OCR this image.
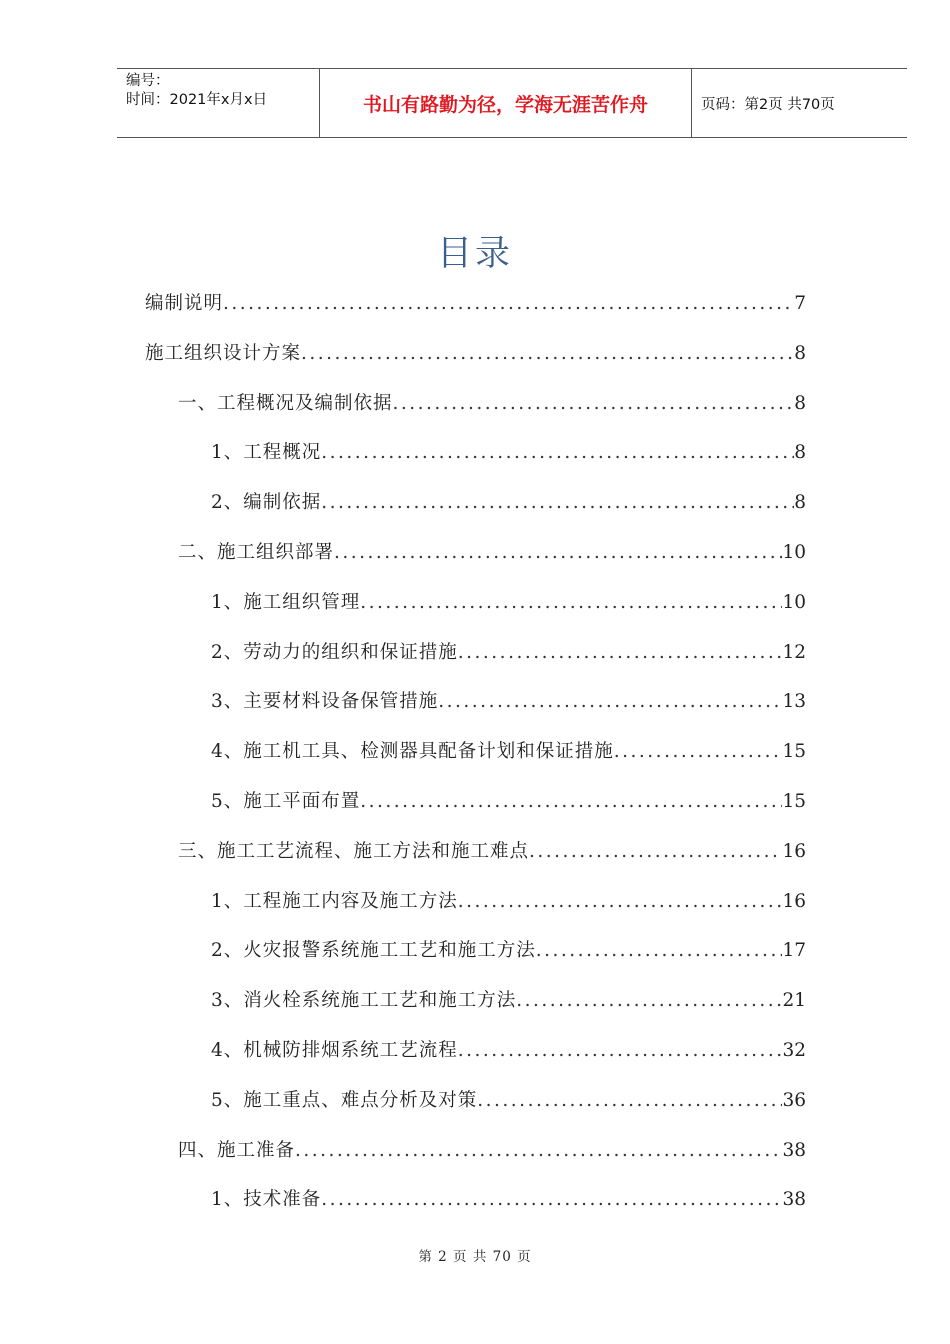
编号：
时间：2021年x月x日	书山有路勤为径，学海无涯苦作舟	页码：第2页 共70页
目录
编制说明 .....	7
施工组织设计方案 .....	8
一、工程概况及编制依据 .....	8
1、工程概况 .....	8
2、编制依据 .....	8
二、施工组织部署 .....	10
1、施工组织管理 .....	10
2、劳动力的组织和保证措施 .....	12
3、主要材料设备保管措施 .....	13
4、施工机工具、检测器具配备计划和保证措施 .....	15
5、施工平面布置 .....	15
三、施工工艺流程、施工方法和施工难点 .....	16
1、工程施工内容及施工方法 .....	16
2、火灾报警系统施工工艺和施工方法 .....	17
3、消火栓系统施工工艺和施工方法 .....	21
4、机械防排烟系统工艺流程 .....	32
5、施工重点、难点分析及对策 .....	36
四、施工准备 .....	38
1、技术准备 .....	38
第 2 页 共 70 页
